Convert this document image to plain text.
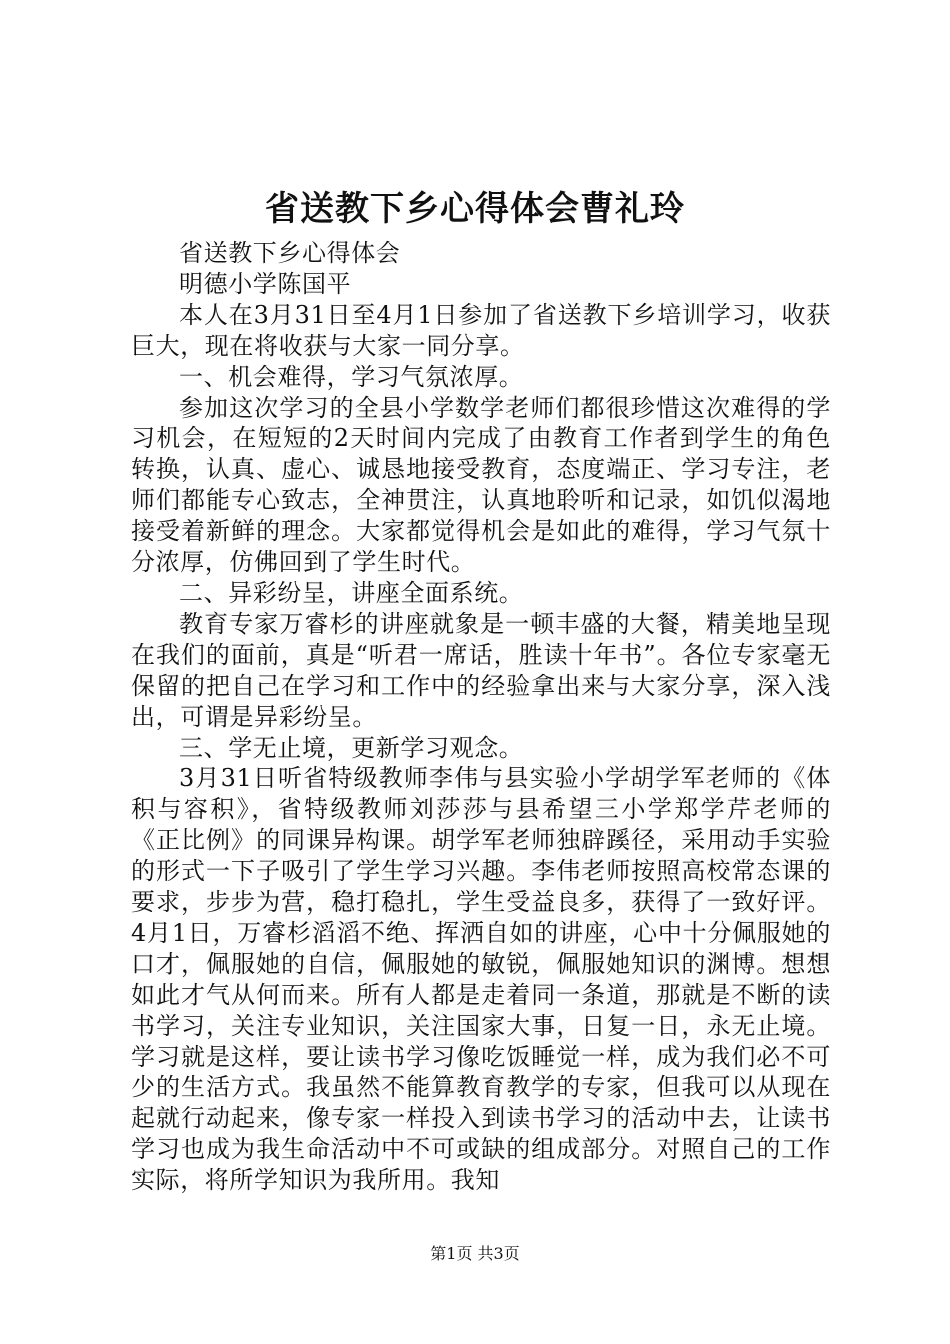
省送教下乡心得体会曹礼玲

省送教下乡心得体会

明德小学陈国平

本人在3月31日至4月1日参加了省送教下乡培训学习，收获巨大，现在将收获与大家一同分享。

一、机会难得，学习气氛浓厚。

参加这次学习的全县小学数学老师们都很珍惜这次难得的学习机会，在短短的2天时间内完成了由教育工作者到学生的角色转换，认真、虚心、诚恳地接受教育，态度端正、学习专注，老师们都能专心致志，全神贯注，认真地聆听和记录，如饥似渴地接受着新鲜的理念。大家都觉得机会是如此的难得，学习气氛十分浓厚，仿佛回到了学生时代。

二、异彩纷呈，讲座全面系统。

教育专家万睿杉的讲座就象是一顿丰盛的大餐，精美地呈现在我们的面前，真是“听君一席话，胜读十年书”。各位专家毫无保留的把自己在学习和工作中的经验拿出来与大家分享，深入浅出，可谓是异彩纷呈。

三、学无止境，更新学习观念。

3月31日听省特级教师李伟与县实验小学胡学军老师的《体积与容积》，省特级教师刘莎莎与县希望三小学郑学芹老师的《正比例》的同课异构课。胡学军老师独辟蹊径，采用动手实验的形式一下子吸引了学生学习兴趣。李伟老师按照高校常态课的要求，步步为营，稳打稳扎，学生受益良多，获得了一致好评。4月1日，万睿杉滔滔不绝、挥洒自如的讲座，心中十分佩服她的口才，佩服她的自信，佩服她的敏锐，佩服她知识的渊博。想想如此才气从何而来。所有人都是走着同一条道，那就是不断的读书学习，关注专业知识，关注国家大事，日复一日，永无止境。学习就是这样，要让读书学习像吃饭睡觉一样，成为我们必不可少的生活方式。我虽然不能算教育教学的专家，但我可以从现在起就行动起来，像专家一样投入到读书学习的活动中去，让读书学习也成为我生命活动中不可或缺的组成部分。对照自己的工作实际，将所学知识为我所用。我知

第1页 共3页
